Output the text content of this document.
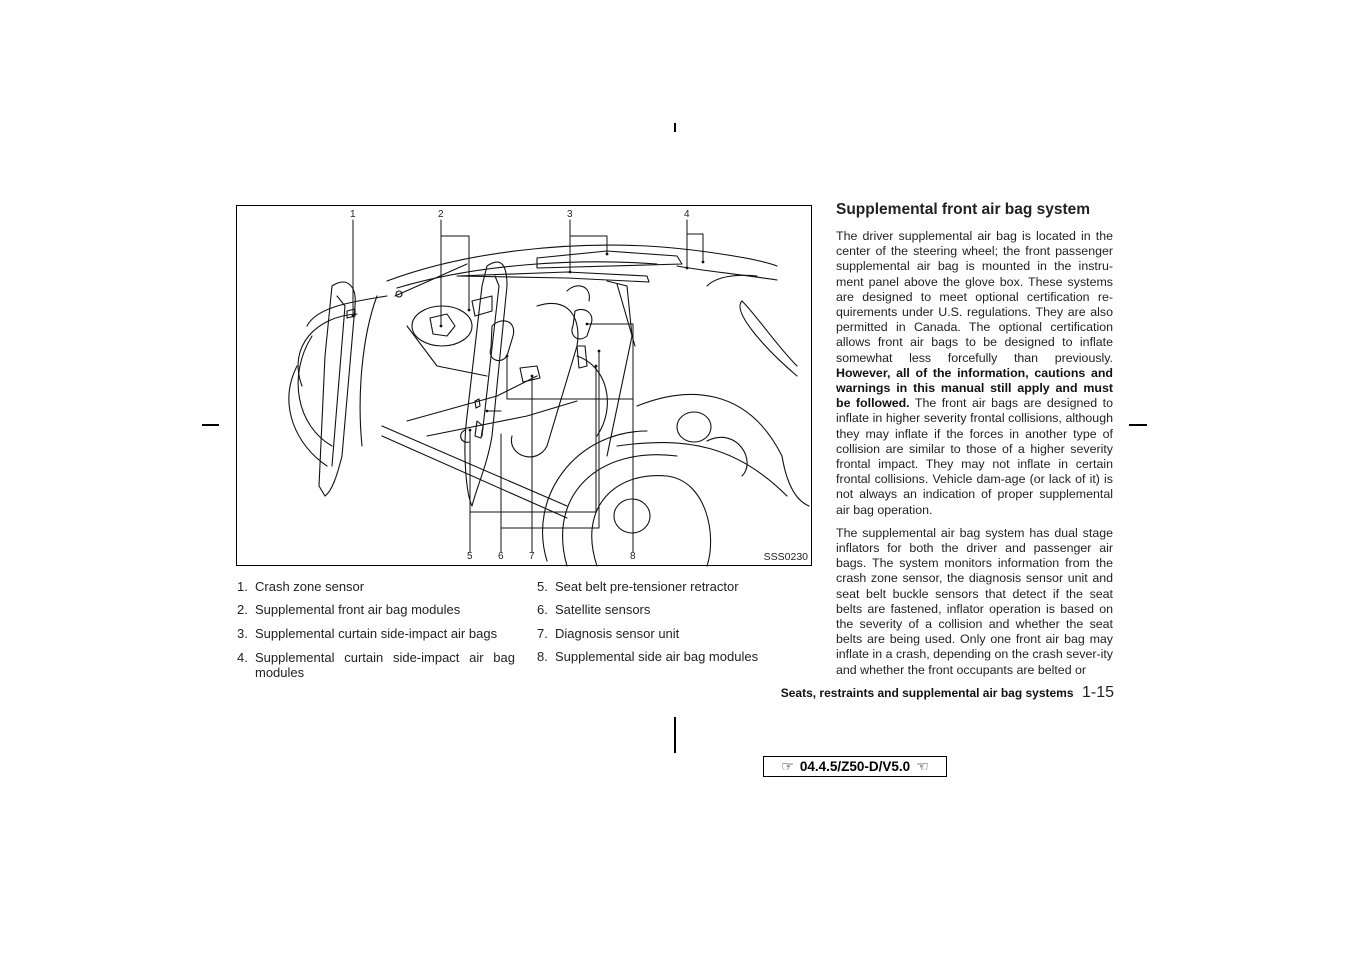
1	2	3	4
5	6	7	8	SSS0230
1. Crash zone sensor
2. Supplemental front air bag modules
3. Supplemental curtain side-impact air bags
4. Supplemental curtain side-impact air bag modules
5. Seat belt pre-tensioner retractor
6. Satellite sensors
7. Diagnosis sensor unit
8. Supplemental side air bag modules
Supplemental front air bag system

The driver supplemental air bag is located in the center of the steering wheel; the front passenger supplemental air bag is mounted in the instru-ment panel above the glove box. These systems are designed to meet optional certification re-quirements under U.S. regulations. They are also permitted in Canada. The optional certification allows front air bags to be designed to inflate somewhat less forcefully than previously. However, all of the information, cautions and warnings in this manual still apply and must be followed. The front air bags are designed to inflate in higher severity frontal collisions, although they may inflate if the forces in another type of collision are similar to those of a higher severity frontal impact. They may not inflate in certain frontal collisions. Vehicle dam-age (or lack of it) is not always an indication of proper supplemental air bag operation.

The supplemental air bag system has dual stage inflators for both the driver and passenger air bags. The system monitors information from the crash zone sensor, the diagnosis sensor unit and seat belt buckle sensors that detect if the seat belts are fastened, inflator operation is based on the severity of a collision and whether the seat belts are being used. Only one front air bag may inflate in a crash, depending on the crash sever-ity and whether the front occupants are belted or

Seats, restraints and supplemental air bag systems 1-15
☞ 04.4.5/Z50-D/V5.0 ☜
